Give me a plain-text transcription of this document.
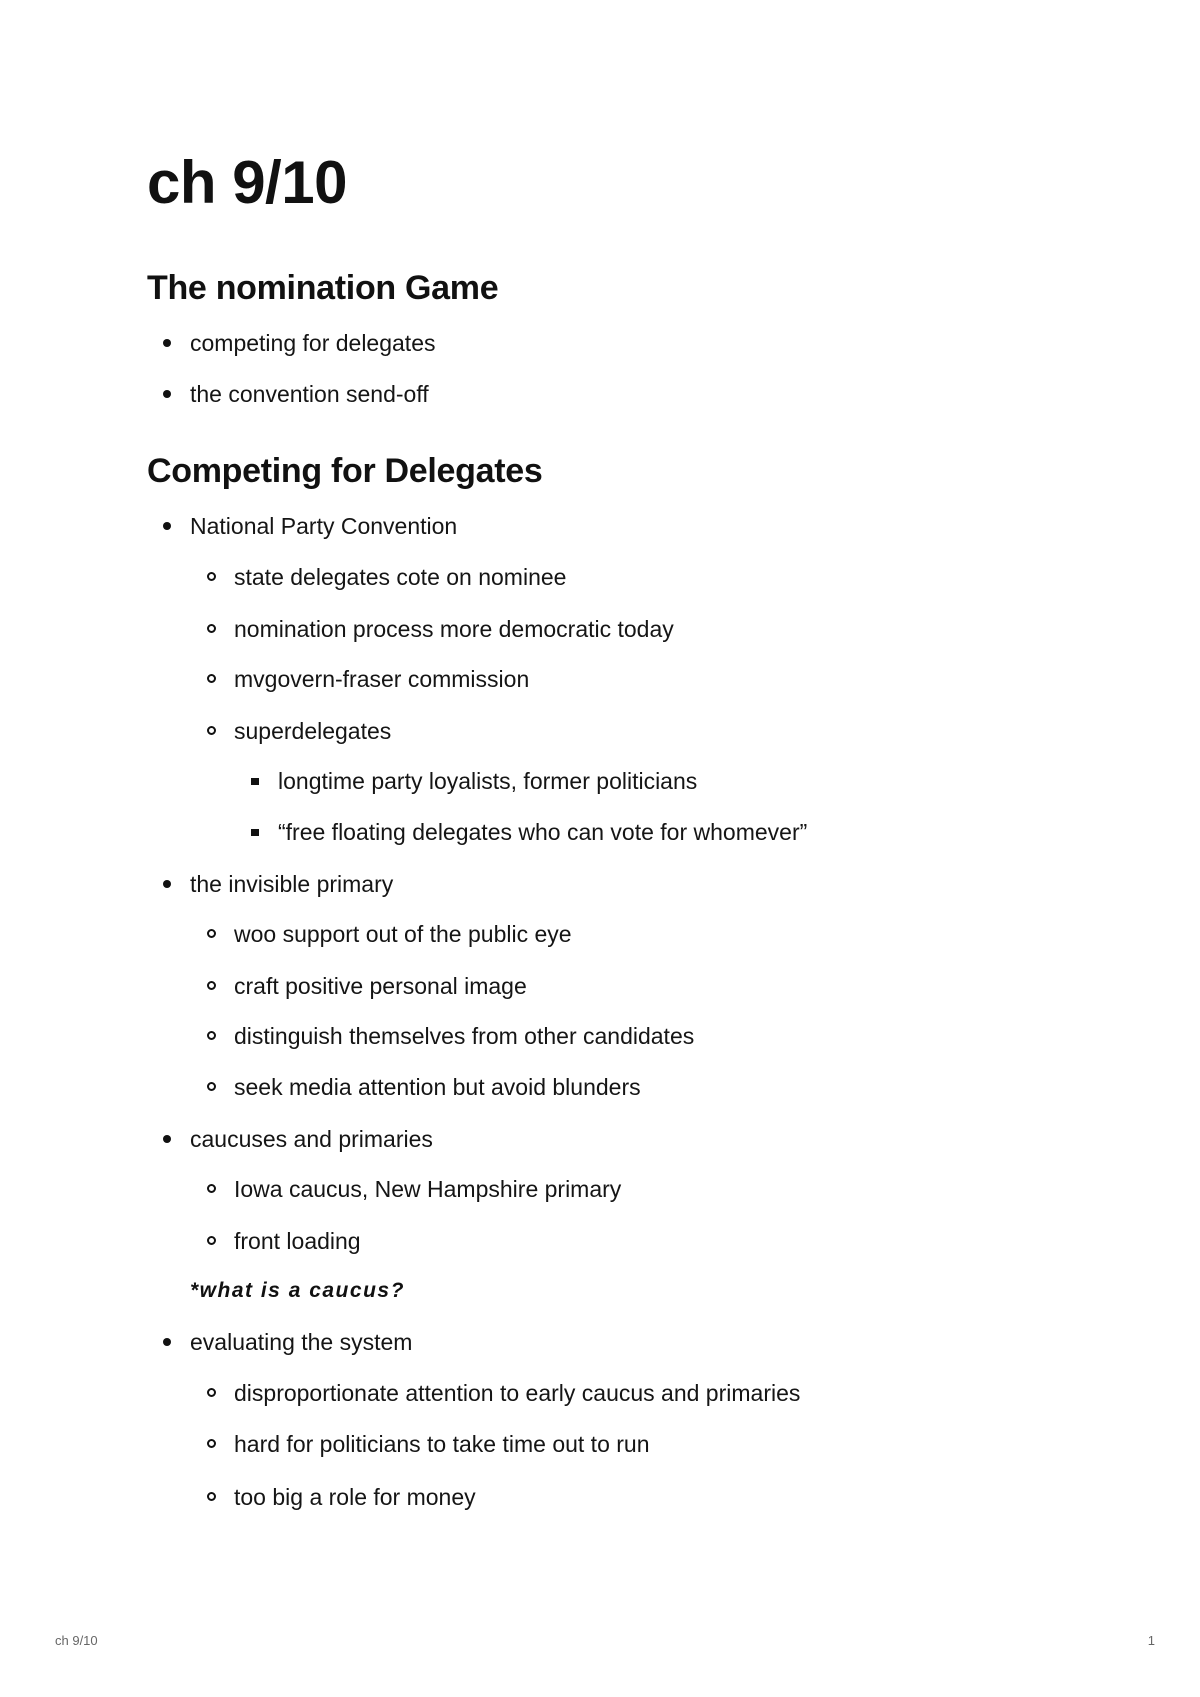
ch 9/10
The nomination Game
competing for delegates
the convention send-off
Competing for Delegates
National Party Convention
state delegates cote on nominee
nomination process more democratic today
mvgovern-fraser commission
superdelegates
longtime party loyalists, former politicians
“free floating delegates who can vote for whomever”
the invisible primary
woo support out of the public eye
craft positive personal image
distinguish themselves from other candidates
seek media attention but avoid blunders
caucuses and primaries
Iowa caucus, New Hampshire primary
front loading
*what is a caucus?
evaluating the system
disproportionate attention to early caucus and primaries
hard for politicians to take time out to run
too big a role for money
ch 9/10	1
